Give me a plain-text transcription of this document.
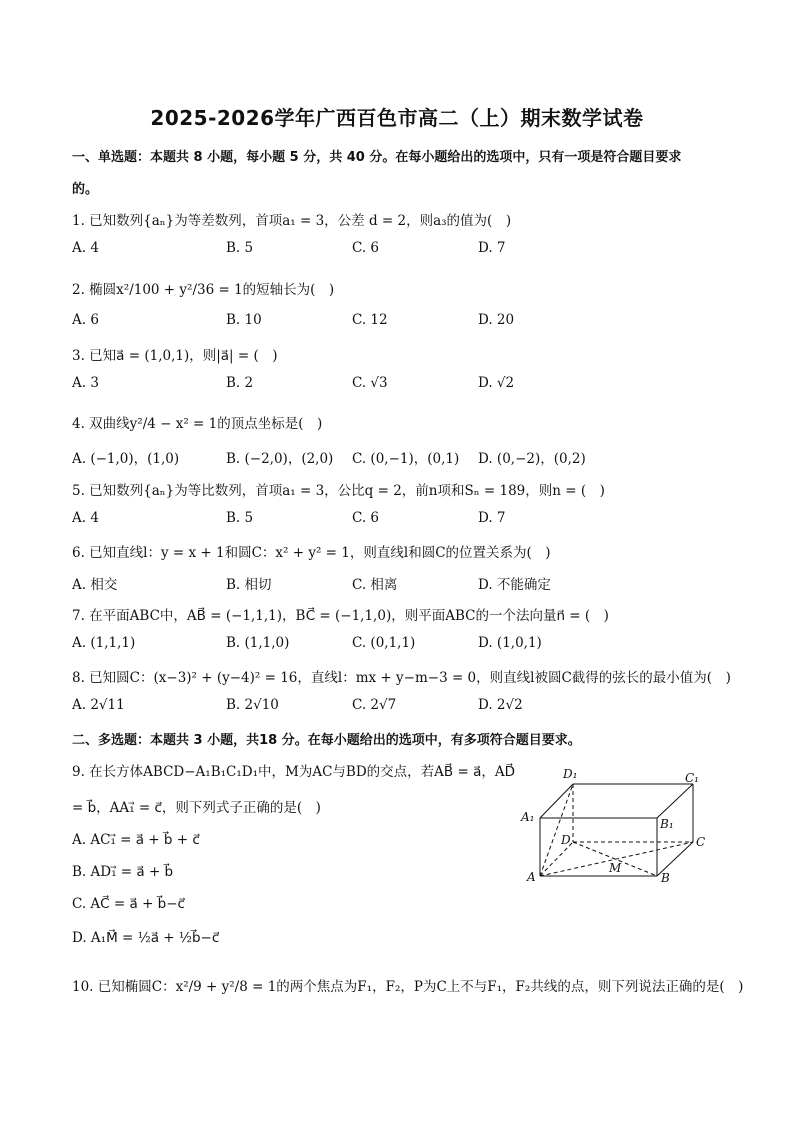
2025-2026学年广西百色市高二（上）期末数学试卷
一、单选题：本题共 8 小题，每小题 5 分，共 40 分。在每小题给出的选项中，只有一项是符合题目要求
的。
1. 已知数列{aₙ}为等差数列，首项a₁ = 3，公差 d = 2，则a₃的值为(　)
A. 4	B. 5	C. 6	D. 7
2. 椭圆x²/100 + y²/36 = 1的短轴长为(　)
A. 6	B. 10	C. 12	D. 20
3. 已知a⃗ = (1,0,1)，则|a⃗| = (　)
A. 3	B. 2	C. √3	D. √2
4. 双曲线y²/4 − x² = 1的顶点坐标是(　)
A. (−1,0)，(1,0)	B. (−2,0)，(2,0) C. (0,−1)，(0,1) D. (0,−2)，(0,2)
5. 已知数列{aₙ}为等比数列，首项a₁ = 3，公比q = 2，前n项和Sₙ = 189，则n = (　)
A. 4	B. 5	C. 6	D. 7
6. 已知直线l：y = x + 1和圆C：x² + y² = 1，则直线l和圆C的位置关系为(　)
A. 相交	B. 相切	C. 相离	D. 不能确定
7. 在平面ABC中，AB⃗ = (−1,1,1)，BC⃗ = (−1,1,0)，则平面ABC的一个法向量n⃗ = (　)
A. (1,1,1)	B. (1,1,0)	C. (0,1,1)	D. (1,0,1)
8. 已知圆C：(x−3)² + (y−4)² = 16，直线l：mx + y−m−3 = 0，则直线l被圆C截得的弦长的最小值为(　)
A. 2√11	B. 2√10	C. 2√7	D. 2√2
二、多选题：本题共 3 小题，共18 分。在每小题给出的选项中，有多项符合题目要求。
9. 在长方体ABCD−A₁B₁C₁D₁中，M为AC与BD的交点，若AB⃗ = a⃗，AD⃗
= b⃗，AA₁⃗ = c⃗，则下列式子正确的是(　)
A. AC₁⃗ = a⃗ + b⃗ + c⃗
B. AD₁⃗ = a⃗ + b⃗
C. AC⃗ = a⃗ + b⃗−c⃗
D. A₁M⃗ = ½a⃗ + ½b⃗−c⃗
D₁	C₁
A₁	B₁
D	C
A	B
M
10. 已知椭圆C：x²/9 + y²/8 = 1的两个焦点为F₁，F₂，P为C上不与F₁，F₂共线的点，则下列说法正确的是(　)
